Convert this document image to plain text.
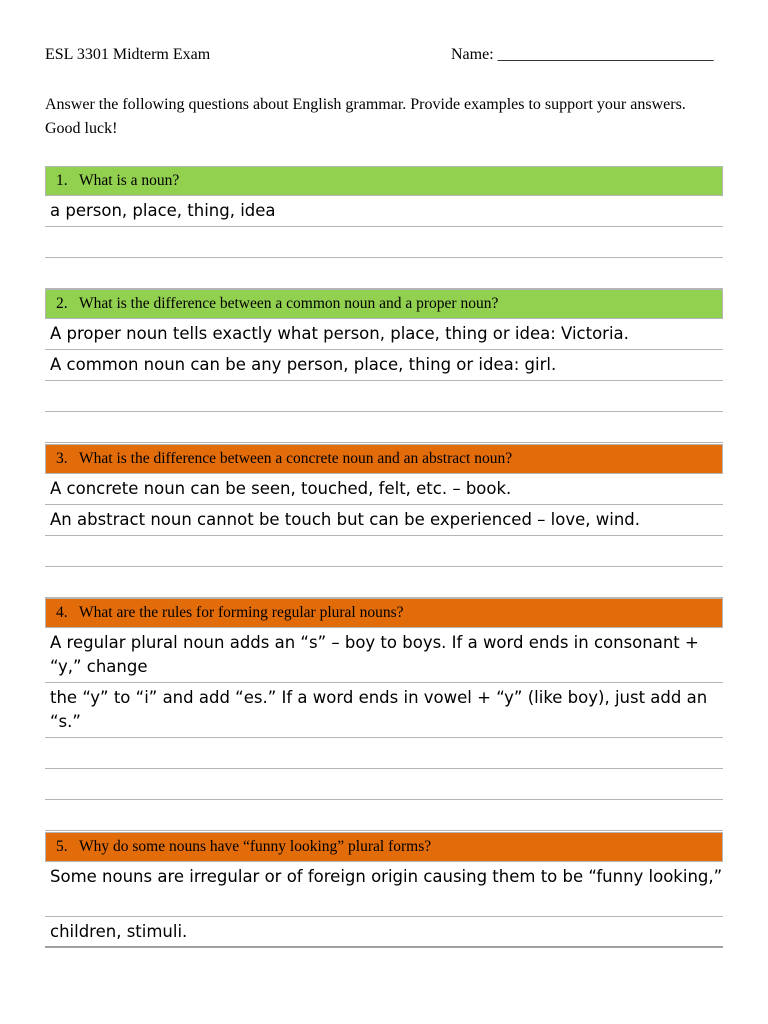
ESL 3301 Midterm Exam	Name: ___________________________
Answer the following questions about English grammar. Provide examples to support your answers. Good luck!
1. What is a noun?
a person, place, thing, idea
2. What is the difference between a common noun and a proper noun?
A proper noun tells exactly what person, place, thing or idea: Victoria.
A common noun can be any person, place, thing or idea: girl.
3. What is the difference between a concrete noun and an abstract noun?
A concrete noun can be seen, touched, felt, etc. – book.
An abstract noun cannot be touch but can be experienced – love, wind.
4. What are the rules for forming regular plural nouns?
A regular plural noun adds an “s” – boy to boys. If a word ends in consonant + “y,” change
the “y” to “i” and add “es.” If a word ends in vowel + “y” (like boy), just add an “s.”
5. Why do some nouns have “funny looking” plural forms?
Some nouns are irregular or of foreign origin causing them to be “funny looking,”
children, stimuli.
